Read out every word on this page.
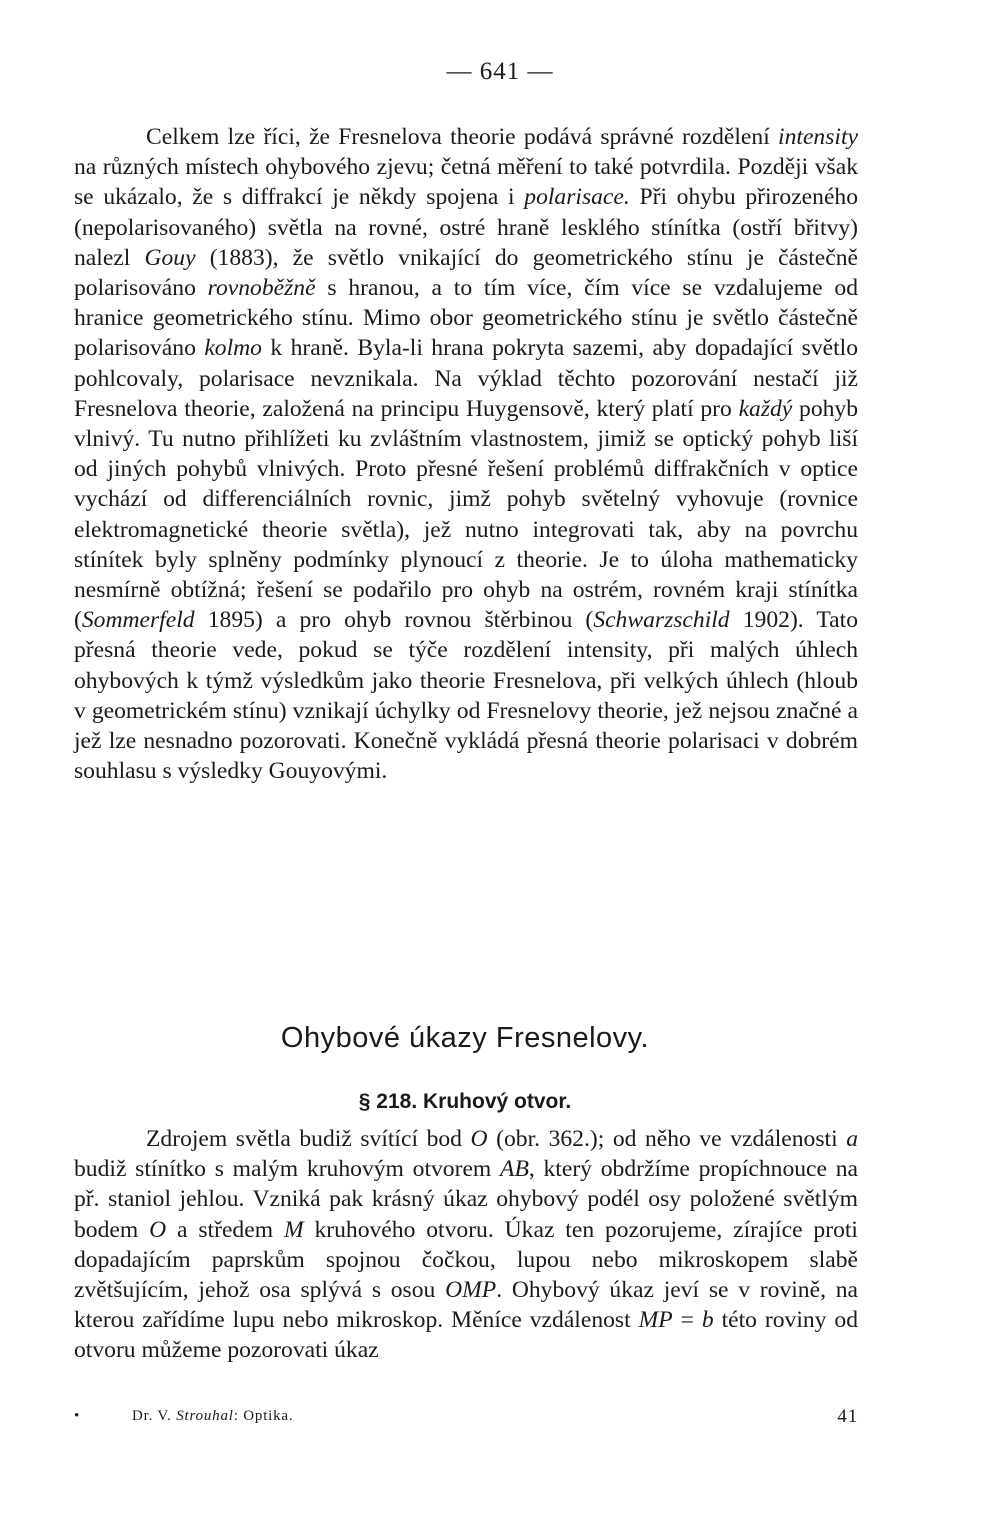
— 641 —

Celkem lze říci, že Fresnelova theorie podává správné rozdělení intensity na různých místech ohybového zjevu; četná měření to také potvrdila. Později však se ukázalo, že s diffrakcí je někdy spojena i polarisace. Při ohybu přirozeného (nepolarisovaného) světla na rovné, ostré hraně lesklého stínítka (ostří břitvy) nalezl Gouy (1883), že světlo vnikající do geometrického stínu je částečně polarisováno rovnoběžně s hranou, a to tím více, čím více se vzdalujeme od hranice geometrického stínu. Mimo obor geometrického stínu je světlo částečně polarisováno kolmo k hraně. Byla-li hrana pokryta sazemi, aby dopadající světlo pohlcovaly, polarisace nevznikala. Na výklad těchto pozorování nestačí již Fresnelova theorie, založená na principu Huygensově, který platí pro každý pohyb vlnivý. Tu nutno přihlížeti ku zvláštním vlastnostem, jimiž se optický pohyb liší od jiných pohybů vlnivých. Proto přesné řešení problémů diffrakčních v optice vychází od differenciálních rovnic, jimž pohyb světelný vyhovuje (rovnice elektromagnetické theorie světla), jež nutno integrovati tak, aby na povrchu stínítek byly splněny podmínky plynoucí z theorie. Je to úloha mathematicky nesmírně obtížná; řešení se podařilo pro ohyb na ostrém, rovném kraji stínítka (Sommerfeld 1895) a pro ohyb rovnou štěrbinou (Schwarzschild 1902). Tato přesná theorie vede, pokud se týče rozdělení intensity, při malých úhlech ohybových k týmž výsledkům jako theorie Fresnelova, při velkých úhlech (hloub v geometrickém stínu) vznikají úchylky od Fresnelovy theorie, jež nejsou značné a jež lze nesnadno pozorovati. Konečně vykládá přesná theorie polarisaci v dobrém souhlasu s výsledky Gouyovými.

Ohybové úkazy Fresnelovy.
§ 218. Kruhový otvor.

Zdrojem světla budiž svítící bod O (obr. 362.); od něho ve vzdálenosti a budiž stínítko s malým kruhovým otvorem AB, který obdržíme propíchnouce na př. staniol jehlou. Vzniká pak krásný úkaz ohybový podél osy položené světlým bodem O a středem M kruhového otvoru. Úkaz ten pozorujeme, zírajíce proti dopadajícím paprskům spojnou čočkou, lupou nebo mikroskopem slabě zvětšujícím, jehož osa splývá s osou OMP. Ohybový úkaz jeví se v rovině, na kterou zařídíme lupu nebo mikroskop. Měníce vzdálenost MP = b této roviny od otvoru můžeme pozorovati úkaz

•	Dr. V. Strouhal: Optika.	41
